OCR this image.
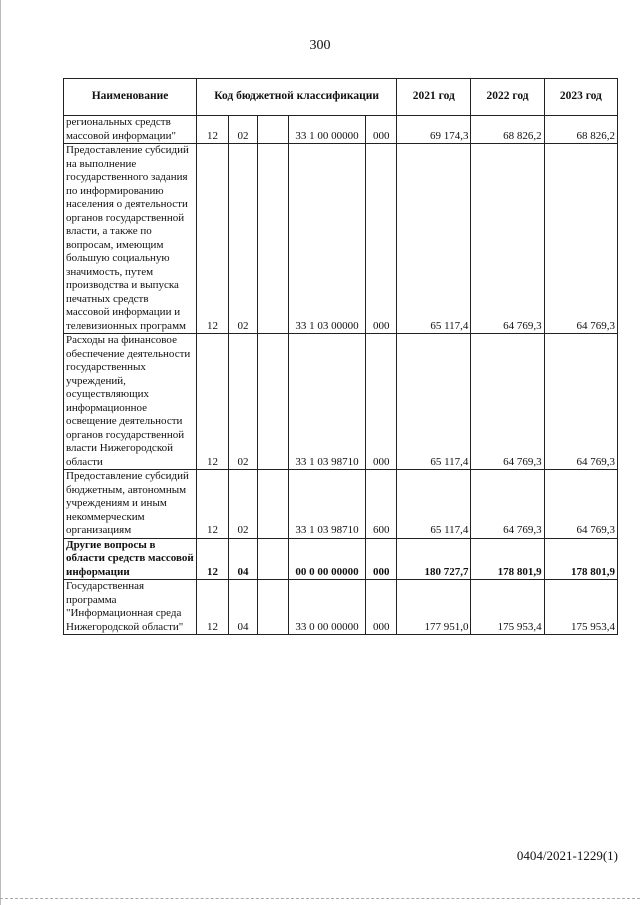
300
Наименование	Код бюджетной классификации					2021 год	2022 год	2023 год
региональных средств массовой информации"	12	02		33 1 00 00000	000	69 174,3	68 826,2	68 826,2
Предоставление субсидий на выполнение государственного задания по информированию населения о деятельности органов государственной власти, а также по вопросам, имеющим большую социальную значимость, путем производства и выпуска печатных средств массовой информации и телевизионных программ	12	02		33 1 03 00000	000	65 117,4	64 769,3	64 769,3
Расходы на финансовое обеспечение деятельности государственных учреждений, осуществляющих информационное освещение деятельности органов государственной власти Нижегородской области	12	02		33 1 03 98710	000	65 117,4	64 769,3	64 769,3
Предоставление субсидий бюджетным, автономным учреждениям и иным некоммерческим организациям	12	02		33 1 03 98710	600	65 117,4	64 769,3	64 769,3
Другие вопросы в области средств массовой информации	12	04		00 0 00 00000	000	180 727,7	178 801,9	178 801,9
Государственная программа "Информационная среда Нижегородской области"	12	04		33 0 00 00000	000	177 951,0	175 953,4	175 953,4
0404/2021-1229(1)
